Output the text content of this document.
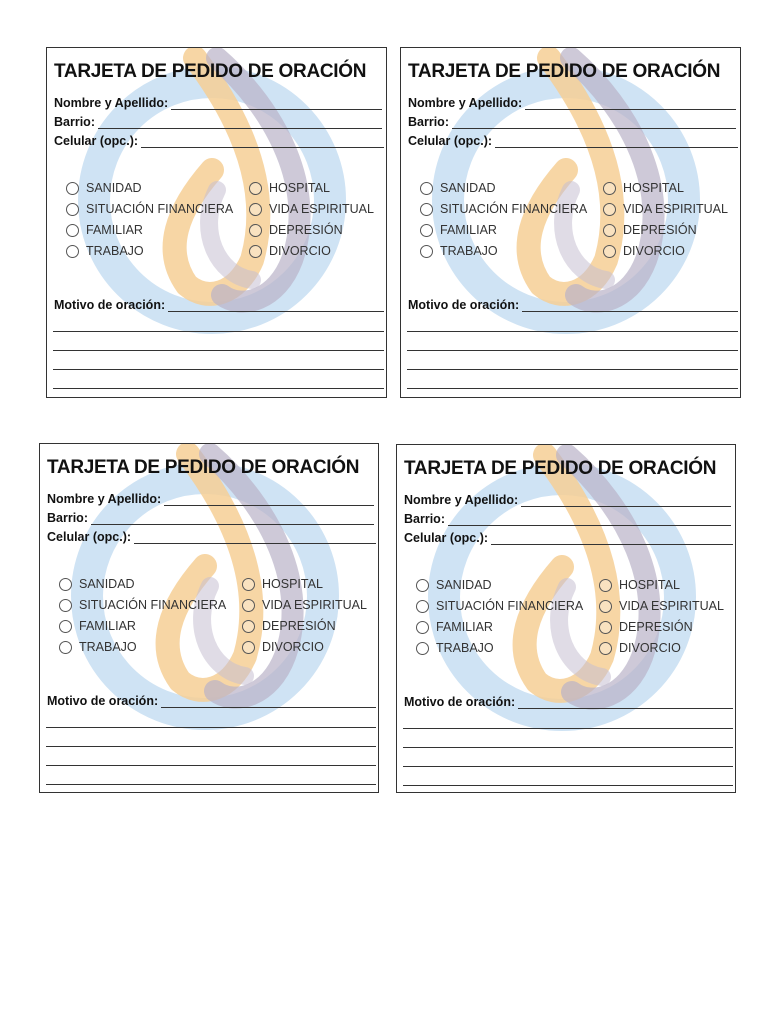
TARJETA DE PEDIDO DE ORACIÓN
Nombre y Apellido:
Barrio:
Celular (opc.):
SANIDAD
SITUACIÓN FINANCIERA
FAMILIAR
TRABAJO
HOSPITAL
VIDA ESPIRITUAL
DEPRESIÓN
DIVORCIO
Motivo de oración:
TARJETA DE PEDIDO DE ORACIÓN
Nombre y Apellido:
Barrio:
Celular (opc.):
SANIDAD
SITUACIÓN FINANCIERA
FAMILIAR
TRABAJO
HOSPITAL
VIDA ESPIRITUAL
DEPRESIÓN
DIVORCIO
Motivo de oración:
TARJETA DE PEDIDO DE ORACIÓN
Nombre y Apellido:
Barrio:
Celular (opc.):
SANIDAD
SITUACIÓN FINANCIERA
FAMILIAR
TRABAJO
HOSPITAL
VIDA ESPIRITUAL
DEPRESIÓN
DIVORCIO
Motivo de oración:
TARJETA DE PEDIDO DE ORACIÓN
Nombre y Apellido:
Barrio:
Celular (opc.):
SANIDAD
SITUACIÓN FINANCIERA
FAMILIAR
TRABAJO
HOSPITAL
VIDA ESPIRITUAL
DEPRESIÓN
DIVORCIO
Motivo de oración:
